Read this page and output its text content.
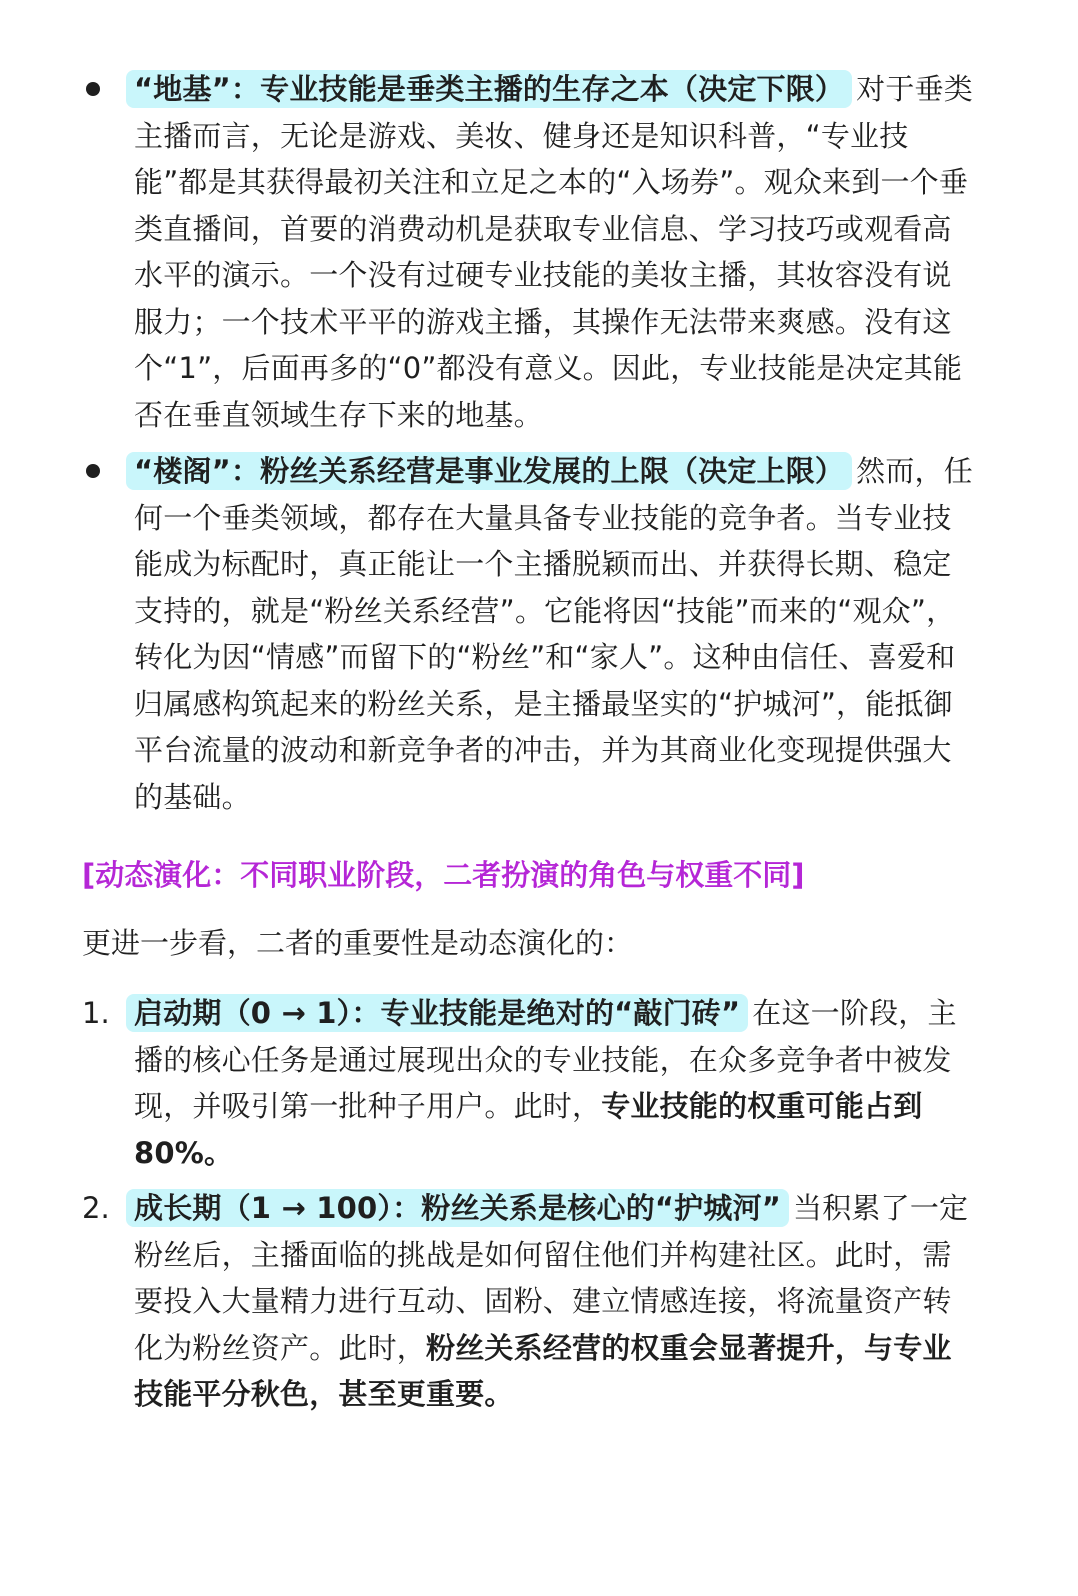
“地基”：专业技能是垂类主播的生存之本（决定下限） 对于垂类主播而言，无论是游戏、美妆、健身还是知识科普，“专业技能”都是其获得最初关注和立足之本的“入场券”。观众来到一个垂类直播间，首要的消费动机是获取专业信息、学习技巧或观看高水平的演示。一个没有过硬专业技能的美妆主播，其妆容没有说服力；一个技术平平的游戏主播，其操作无法带来爽感。没有这个“1”，后面再多的“0”都没有意义。因此，专业技能是决定其能否在垂直领域生存下来的地基。
“楼阁”：粉丝关系经营是事业发展的上限（决定上限） 然而，任何一个垂类领域，都存在大量具备专业技能的竞争者。当专业技能成为标配时，真正能让一个主播脱颖而出、并获得长期、稳定支持的，就是“粉丝关系经营”。它能将因“技能”而来的“观众”，转化为因“情感”而留下的“粉丝”和“家人”。这种由信任、喜爱和归属感构筑起来的粉丝关系，是主播最坚实的“护城河”，能抵御平台流量的波动和新竞争者的冲击，并为其商业化变现提供强大的基础。
[动态演化：不同职业阶段，二者扮演的角色与权重不同]
更进一步看，二者的重要性是动态演化的：
1. 启动期（0 → 1）：专业技能是绝对的“敲门砖” 在这一阶段，主播的核心任务是通过展现出众的专业技能，在众多竞争者中被发现，并吸引第一批种子用户。此时，专业技能的权重可能占到80%。
2. 成长期（1 → 100）：粉丝关系是核心的“护城河” 当积累了一定粉丝后，主播面临的挑战是如何留住他们并构建社区。此时，需要投入大量精力进行互动、固粉、建立情感连接，将流量资产转化为粉丝资产。此时，粉丝关系经营的权重会显著提升，与专业技能平分秋色，甚至更重要。
